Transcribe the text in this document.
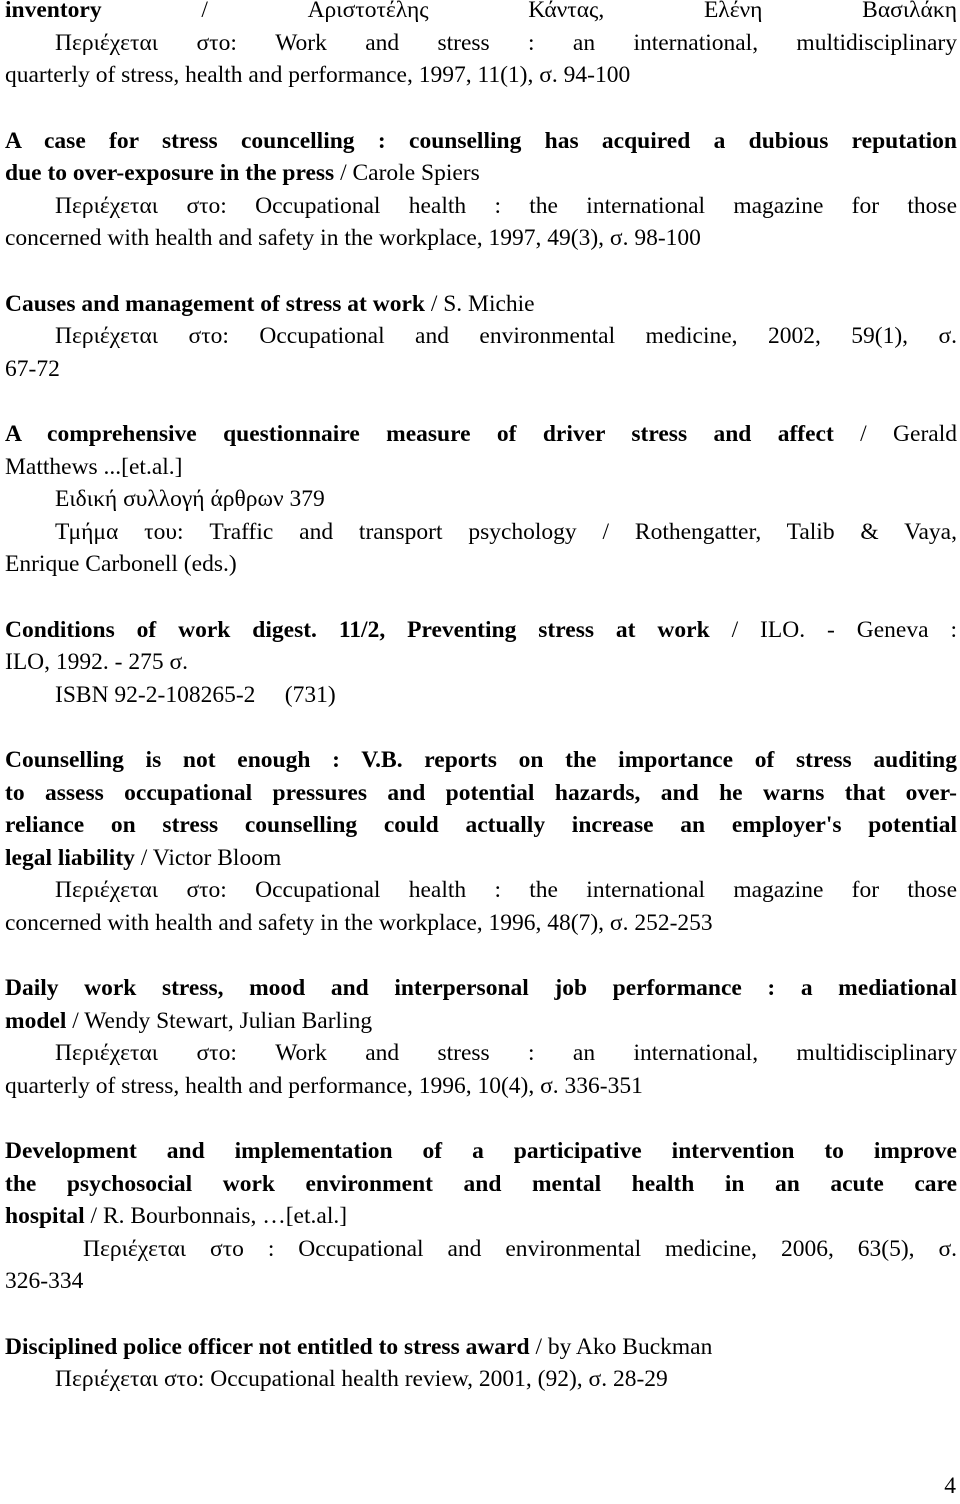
inventory / Αριστοτέλης Κάντας, Ελένη Βασιλάκη
Περιέχεται στο: Work and stress : an international, multidisciplinary
quarterly of stress, health and performance, 1997, 11(1), σ. 94-100
A case for stress councelling : counselling has acquired a dubious reputation
due to over-exposure in the press / Carole Spiers
Περιέχεται στο: Occupational health : the international magazine for those
concerned with health and safety in the workplace, 1997, 49(3), σ. 98-100
Causes and management of stress at work / S. Michie
Περιέχεται στο: Occupational and environmental medicine, 2002, 59(1), σ.
67-72
A comprehensive questionnaire measure of driver stress and affect / Gerald
Matthews ...[et.al.]
Ειδική συλλογή άρθρων 379
Τμήμα του: Traffic and transport psychology / Rothengatter, Talib & Vaya,
Enrique Carbonell (eds.)
Conditions of work digest. 11/2, Preventing stress at work / ILO. - Geneva :
ILO, 1992. - 275 σ.
ISBN 92-2-108265-2     (731)
Counselling is not enough : V.B. reports on the importance of stress auditing
to assess occupational pressures and potential hazards, and he warns that over-
reliance on stress counselling could actually increase an employer's potential
legal liability / Victor Bloom
Περιέχεται στο: Occupational health : the international magazine for those
concerned with health and safety in the workplace, 1996, 48(7), σ. 252-253
Daily work stress, mood and interpersonal job performance : a mediational
model / Wendy Stewart, Julian Barling
Περιέχεται στο: Work and stress : an international, multidisciplinary
quarterly of stress, health and performance, 1996, 10(4), σ. 336-351
Development and implementation of a participative intervention to improve
the psychosocial work environment and mental health in an acute care
hospital / R. Bourbonnais, …[et.al.]
Περιέχεται στο : Occupational and environmental medicine, 2006, 63(5), σ.
326-334
Disciplined police officer not entitled to stress award / by Ako Buckman
Περιέχεται στο: Occupational health review, 2001, (92), σ. 28-29
4
